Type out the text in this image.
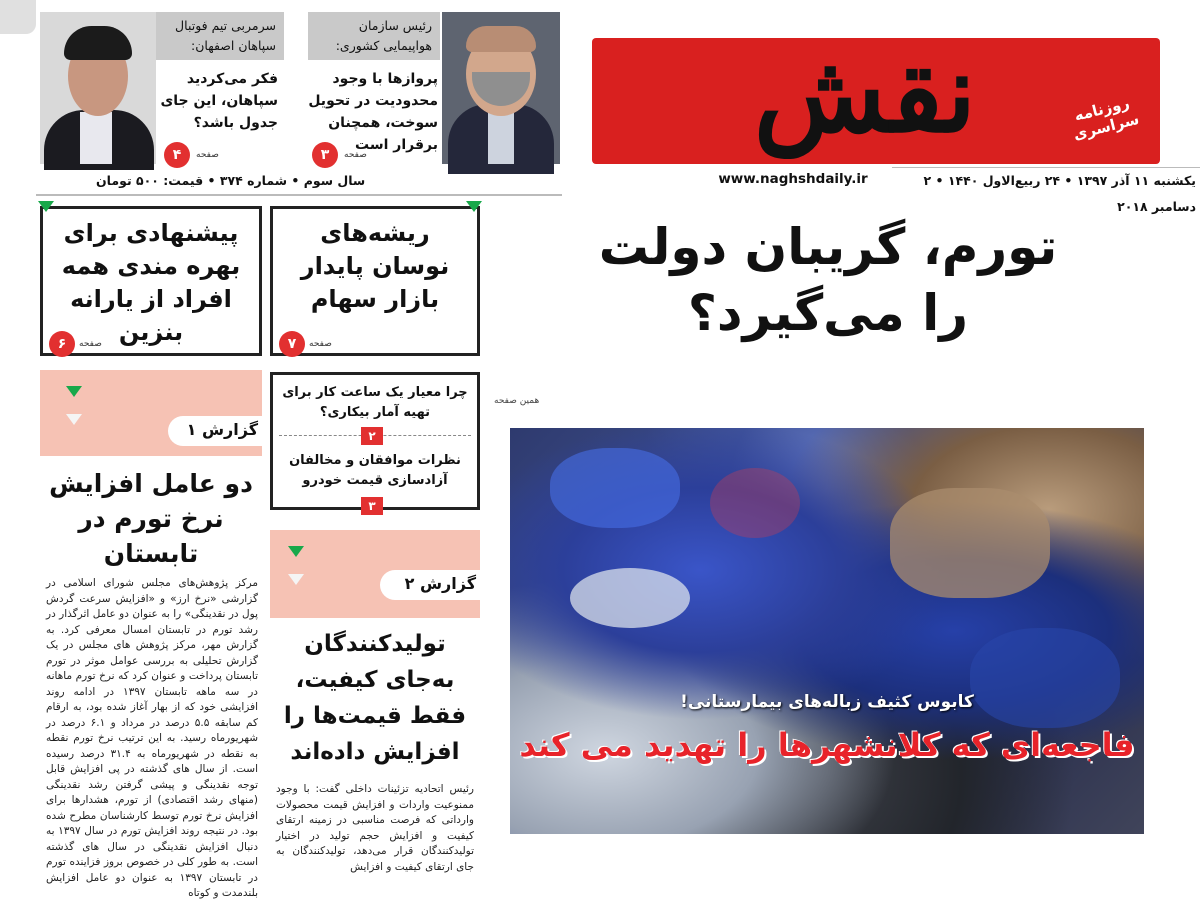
نقش	روزنامه سراسری
یکشنبه ۱۱ آذر ۱۳۹۷ • ۲۴ ربیع‌الاول ۱۴۴۰ • ۲ دسامبر ۲۰۱۸
www.naghshdaily.ir
سال سوم • شماره ۳۷۴ • قیمت: ۵۰۰ تومان
رئیس سازمان هواپیمایی کشوری:
پروازها با وجود محدودیت در تحویل سوخت، همچنان برقرار است
۳	صفحه
سرمربی تیم فوتبال سپاهان اصفهان:
فکر می‌کردید سپاهان، این جای جدول باشد؟
۴	صفحه
ریشه‌های نوسان پایدار بازار سهام
۷	صفحه
پیشنهادی برای بهره مندی همه افراد از یارانه بنزین
۶	صفحه
تورم، گریبان دولت را می‌گیرد؟
همین صفحه
چرا معیار یک ساعت کار برای تهیه آمار بیکاری؟
۲
نظرات موافقان و مخالفان آزادسازی قیمت خودرو
۳
کابوس کثیف زباله‌های بیمارستانی!
فاجعه‌ای که کلانشهرها را تهدید می کند
گزارش ۲
تولیدکنندگان به‌جای کیفیت، فقط قیمت‌ها را افزایش داده‌اند
رئیس اتحادیه تزئینات داخلی گفت: با وجود ممنوعیت واردات و افزایش قیمت محصولات وارداتی که فرصت مناسبی در زمینه ارتقای کیفیت و افزایش حجم تولید در اختیار تولیدکنندگان قرار می‌دهد، تولیدکنندگان به جای ارتقای کیفیت و افزایش
گزارش ۱
دو عامل افزایش نرخ تورم در تابستان
مرکز پژوهش‌های مجلس شورای اسلامی در گزارشی «نرخ ارز» و «افزایش سرعت گردش پول در نقدینگی» را به عنوان دو عامل اثرگذار در رشد تورم در تابستان امسال معرفی کرد. به گزارش مهر، مرکز پژوهش های مجلس در یک گزارش تحلیلی به بررسی عوامل موثر در تورم تابستان پرداخت و عنوان کرد که نرخ تورم ماهانه در سه ماهه تابستان ۱۳۹۷ در ادامه روند افزایشی خود که از بهار آغاز شده بود، به ارقام کم سابقه ۵.۵ درصد در مرداد و ۶.۱ درصد در شهریورماه رسید. به این ترتیب نرخ تورم نقطه به نقطه در شهریورماه به ۳۱.۴ درصد رسیده است. از سال های گذشته در پی افزایش قابل توجه نقدینگی و پیشی گرفتن رشد نقدینگی (منهای رشد اقتصادی) از تورم، هشدارها برای افزایش نرخ تورم توسط کارشناسان مطرح شده بود. در نتیجه روند افزایش تورم در سال ۱۳۹۷ به دنبال افزایش نقدینگی در سال های گذشته است. به طور کلی در خصوص بروز فزاینده تورم در تابستان ۱۳۹۷ به عنوان دو عامل افزایش بلندمدت و کوتاه
